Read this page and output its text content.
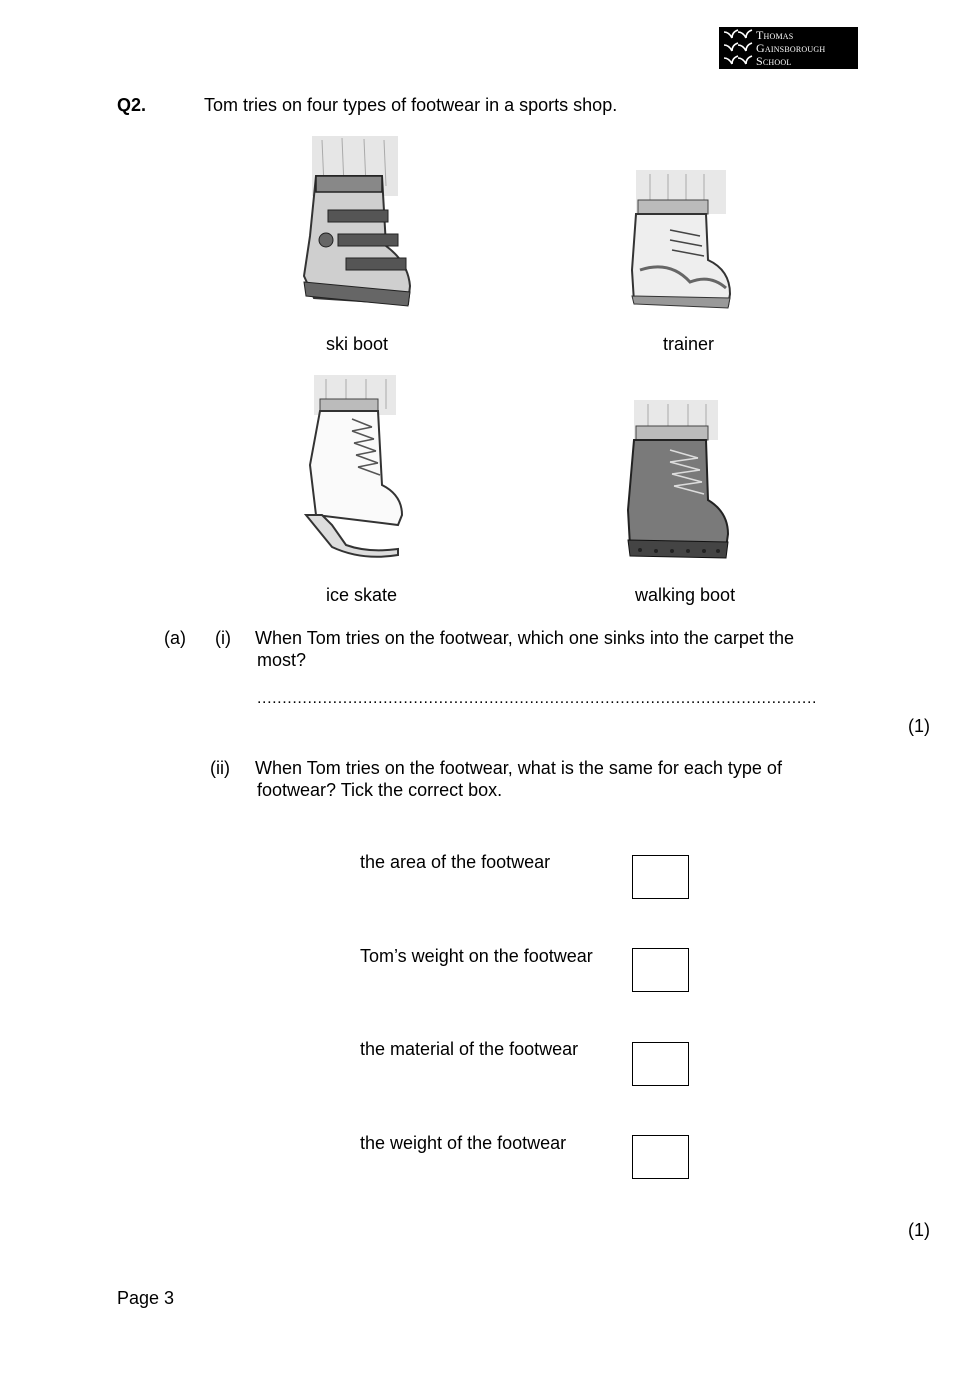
Thomas
Gainsborough
School
Q2.	Tom tries on four types of footwear in a sports shop.
ski boot	trainer
ice skate	walking boot
(a) (i) When Tom tries on the footwear, which one sinks into the carpet the
most?
...............................................................................................................
(1)
(ii) When Tom tries on the footwear, what is the same for each type of
footwear? Tick the correct box.
the area of the footwear
Tom’s weight on the footwear
the material of the footwear
the weight of the footwear
(1)
Page 3
